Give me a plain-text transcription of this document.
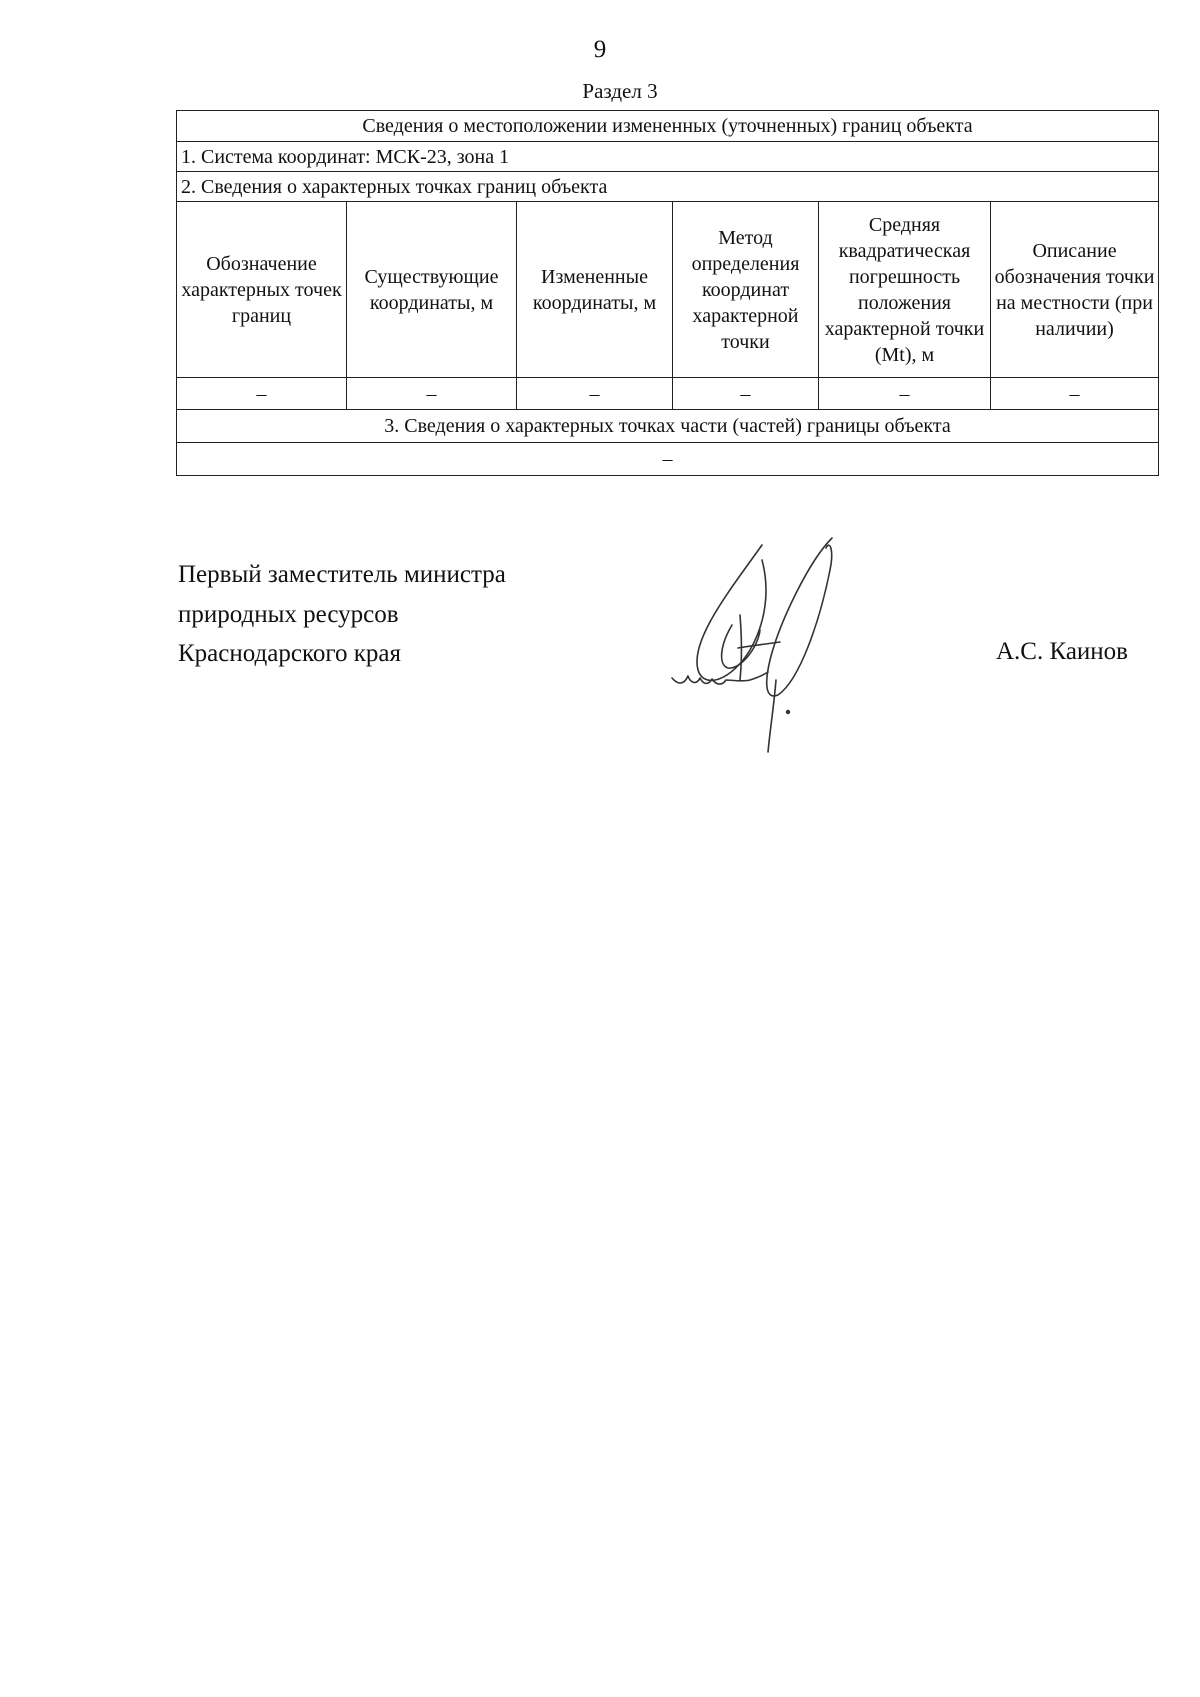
9
Раздел 3
Сведения о местоположении измененных (уточненных) границ объекта					
1. Система координат: МСК-23, зона 1					
2. Сведения о характерных точках границ объекта					
Обозначение характерных точек границ	Существующие координаты, м	Измененные координаты, м	Метод определения координат характерной точки	Средняя квадратическая погрешность положения характерной точки (Mt), м	Описание обозначения точки на местности (при наличии)
–	–	–	–	–	–
3. Сведения о характерных точках части (частей) границы объекта					
–					
Первый заместитель министра
природных ресурсов
Краснодарского края	А.С. Каинов
